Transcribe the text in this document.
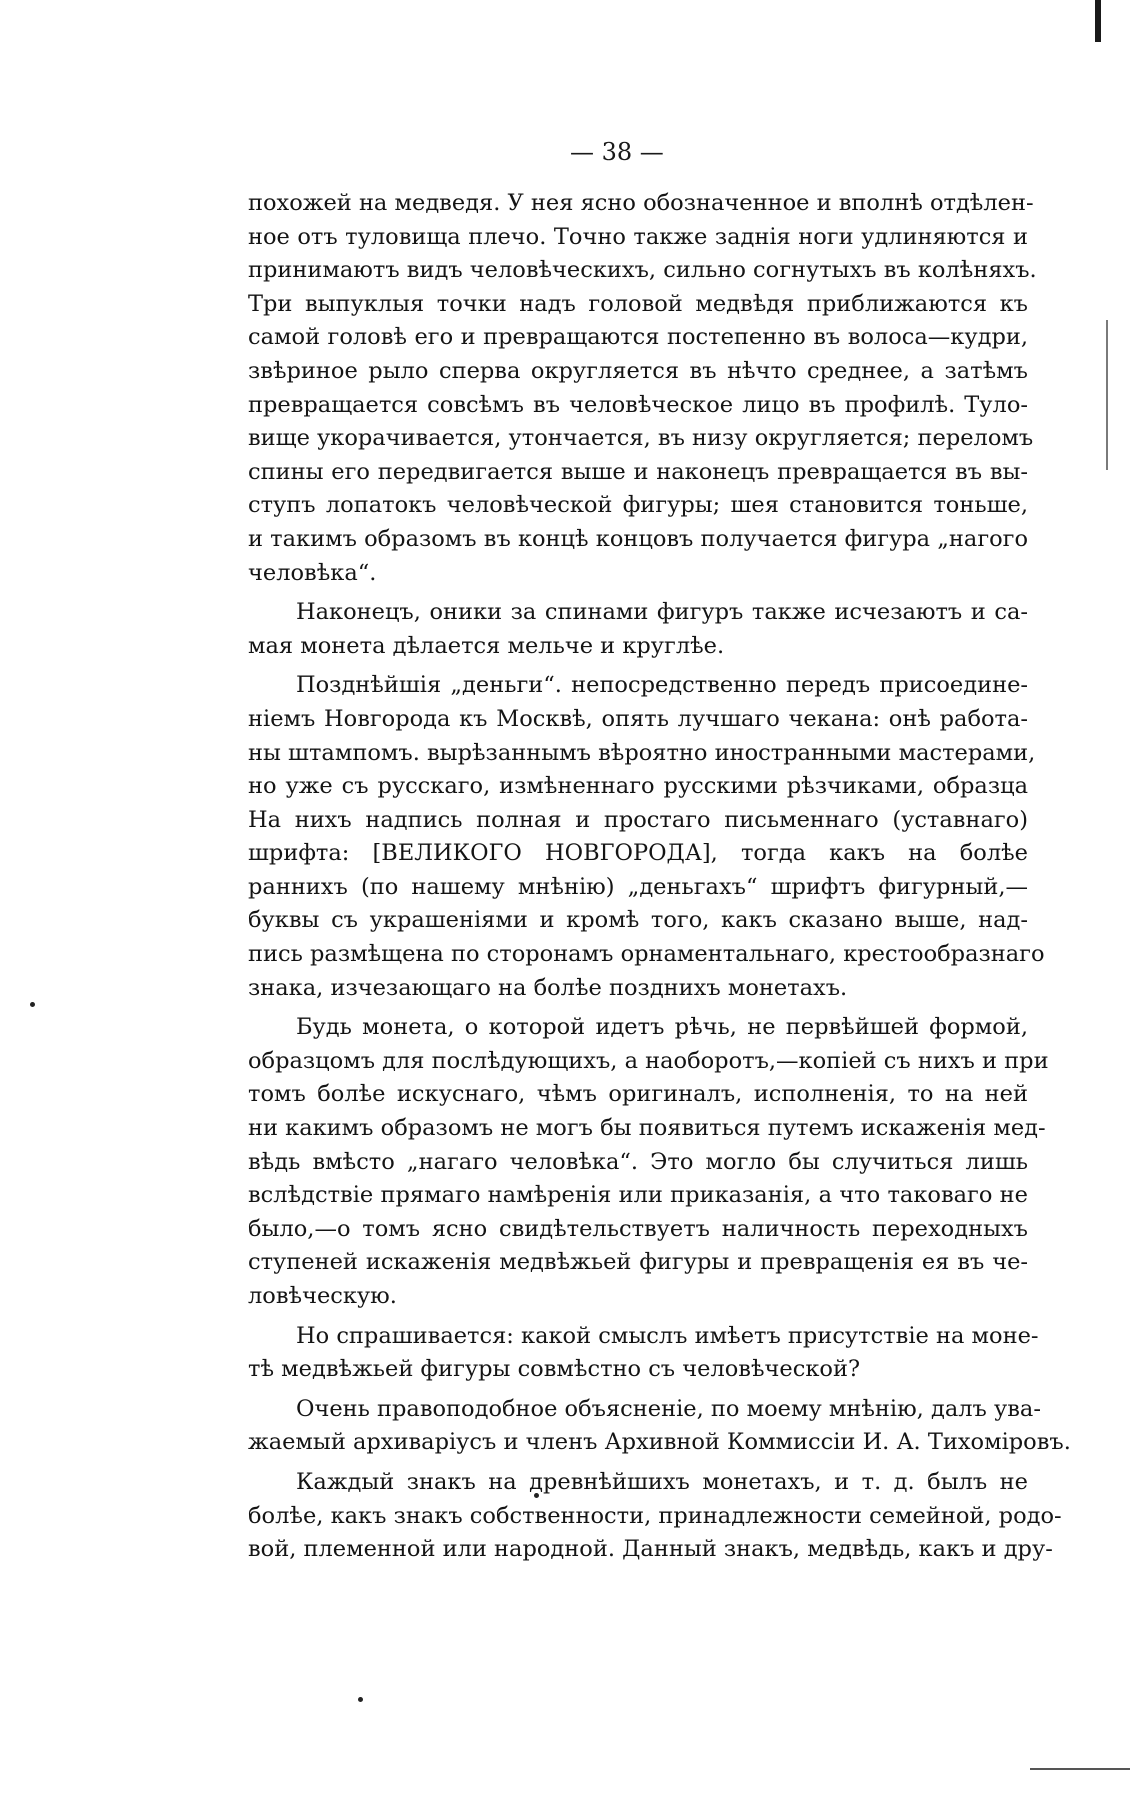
— 38 —
похожей на медведя. У нея ясно обозначенное и вполнѣ отдѣлен-
ное отъ туловища плечо. Точно также заднія ноги удлиняются и
принимаютъ видъ человѣческихъ, сильно согнутыхъ въ колѣняхъ.
Три выпуклыя точки надъ головой медвѣдя приближаются къ
самой головѣ его и превращаются постепенно въ волоса—кудри,
звѣриное рыло сперва округляется въ нѣчто среднее, а затѣмъ
превращается совсѣмъ въ человѣческое лицо въ профилѣ. Туло-
вище укорачивается, утончается, въ низу округляется; переломъ
спины его передвигается выше и наконецъ превращается въ вы-
ступъ лопатокъ человѣческой фигуры; шея становится тоньше,
и такимъ образомъ въ концѣ концовъ получается фигура „нагого
человѣка“.
Наконецъ, оники за спинами фигуръ также исчезаютъ и са-
мая монета дѣлается мельче и круглѣе.
Позднѣйшія „деньги“. непосредственно передъ присоедине-
ніемъ Новгорода къ Москвѣ, опять лучшаго чекана: онѣ работа-
ны штампомъ. вырѣзаннымъ вѣроятно иностранными мастерами,
но уже съ русскаго, измѣненнаго русскими рѣзчиками, образца
На нихъ надпись полная и простаго письменнаго (уставнаго)
шрифта: [ВЕЛИКОГО НОВГОРОДА], тогда какъ на болѣе
раннихъ (по нашему мнѣнію) „деньгахъ“ шрифтъ фигурный,—
буквы съ украшеніями и кромѣ того, какъ сказано выше, над-
пись размѣщена по сторонамъ орнаментальнаго, крестообразнаго
знака, изчезающаго на болѣе позднихъ монетахъ.
Будь монета, о которой идетъ рѣчь, не первѣйшей формой,
образцомъ для послѣдующихъ, а наоборотъ,—копіей съ нихъ и при
томъ болѣе искуснаго, чѣмъ оригиналъ, исполненія, то на ней
ни какимъ образомъ не могъ бы появиться путемъ искаженія мед-
вѣдь вмѣсто „нагаго человѣка“. Это могло бы случиться лишь
вслѣдствіе прямаго намѣренія или приказанія, а что таковаго не
было,—о томъ ясно свидѣтельствуетъ наличность переходныхъ
ступеней искаженія медвѣжьей фигуры и превращенія ея въ че-
ловѣческую.
Но спрашивается: какой смыслъ имѣетъ присутствіе на моне-
тѣ медвѣжьей фигуры совмѣстно съ человѣческой?
Очень правоподобное объясненіе, по моему мнѣнію, далъ ува-
жаемый архиваріусъ и членъ Архивной Коммиссіи И. А. Тихоміровъ.
Каждый знакъ на древнѣйшихъ монетахъ, и т. д. былъ не
болѣе, какъ знакъ собственности, принадлежности семейной, родо-
вой, племенной или народной. Данный знакъ, медвѣдь, какъ и дру-
